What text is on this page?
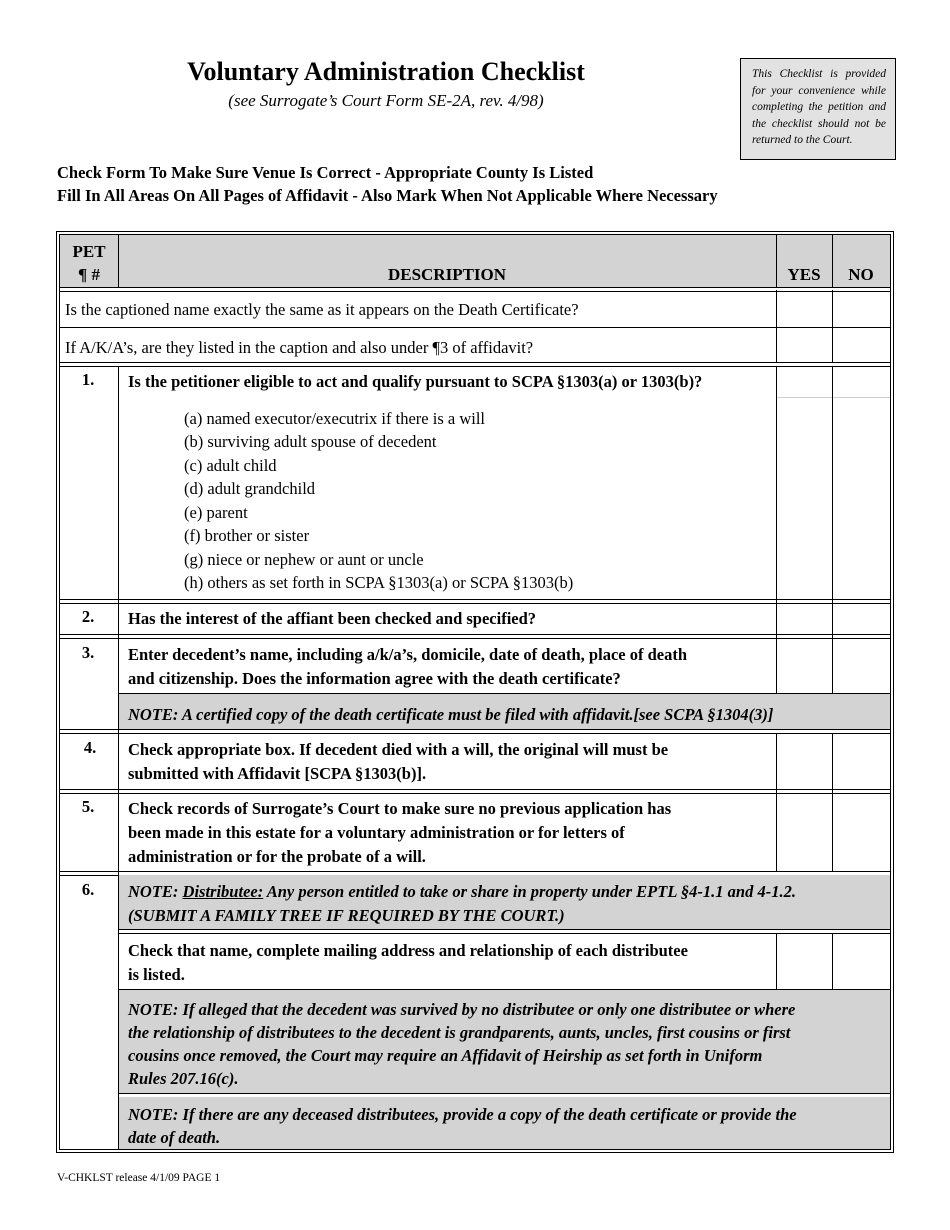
Voluntary Administration Checklist
(see Surrogate’s Court Form SE-2A, rev. 4/98)
This Checklist is provided for your convenience while completing the petition and the checklist should not be returned to the Court.
Check Form To Make Sure Venue Is Correct - Appropriate County Is Listed
Fill In All Areas On All Pages of Affidavit - Also Mark When Not Applicable Where Necessary
PET
¶ #	DESCRIPTION	YES	NO
Is the captioned name exactly the same as it appears on the Death Certificate?
If A/K/A’s, are they listed in the caption and also under ¶3 of affidavit?
1.	Is the petitioner eligible to act and qualify pursuant to SCPA §1303(a) or 1303(b)?
(a) named executor/executrix if there is a will
(b) surviving adult spouse of decedent
(c) adult child
(d) adult grandchild
(e) parent
(f) brother or sister
(g) niece or nephew or aunt or uncle
(h) others as set forth in SCPA §1303(a) or SCPA §1303(b)
2.	Has the interest of the affiant been checked and specified?
3.	Enter decedent’s name, including a/k/a’s, domicile, date of death, place of death
and citizenship. Does the information agree with the death certificate?
NOTE: A certified copy of the death certificate must be filed with affidavit.[see SCPA §1304(3)]
4.	Check appropriate box. If decedent died with a will, the original will must be
submitted with Affidavit [SCPA §1303(b)].
5.	Check records of Surrogate’s Court to make sure no previous application has
been made in this estate for a voluntary administration or for letters of
administration or for the probate of a will.
6.	NOTE: Distributee: Any person entitled to take or share in property under EPTL §4-1.1 and 4-1.2.
(SUBMIT A FAMILY TREE IF REQUIRED BY THE COURT.)
Check that name, complete mailing address and relationship of each distributee
is listed.
NOTE: If alleged that the decedent was survived by no distributee or only one distributee or where
the relationship of distributees to the decedent is grandparents, aunts, uncles, first cousins or first
cousins once removed, the Court may require an Affidavit of Heirship as set forth in Uniform
Rules 207.16(c).
NOTE: If there are any deceased distributees, provide a copy of the death certificate or provide the
date of death.
V-CHKLST release 4/1/09 PAGE 1
